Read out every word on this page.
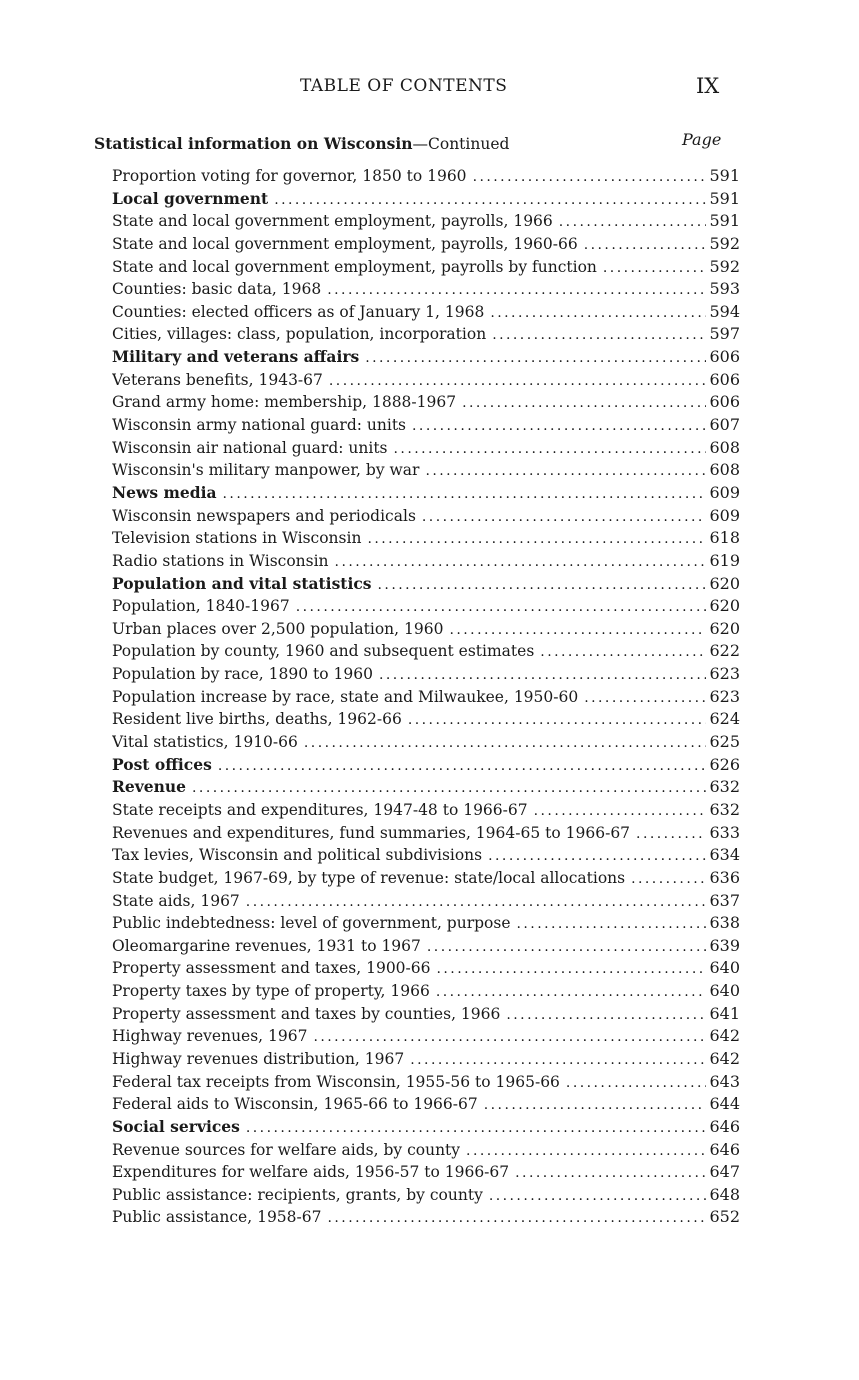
TABLE OF CONTENTS	IX
Statistical information on Wisconsin—Continued	Page
Proportion voting for governor, 1850 to 1960 . . .	591
Local government . . .	591
State and local government employment, payrolls, 1966 . . .	591
State and local government employment, payrolls, 1960-66 . . .	592
State and local government employment, payrolls by function . . .	592
Counties: basic data, 1968 . . .	593
Counties: elected officers as of January 1, 1968 . . .	594
Cities, villages: class, population, incorporation . . .	597
Military and veterans affairs . . .	606
Veterans benefits, 1943-67 . . .	606
Grand army home: membership, 1888-1967 . . .	606
Wisconsin army national guard: units . . .	607
Wisconsin air national guard: units . . .	608
Wisconsin's military manpower, by war . . .	608
News media . . .	609
Wisconsin newspapers and periodicals . . .	609
Television stations in Wisconsin . . .	618
Radio stations in Wisconsin . . .	619
Population and vital statistics . . .	620
Population, 1840-1967 . . .	620
Urban places over 2,500 population, 1960 . . .	620
Population by county, 1960 and subsequent estimates . . .	622
Population by race, 1890 to 1960 . . .	623
Population increase by race, state and Milwaukee, 1950-60 . . .	623
Resident live births, deaths, 1962-66 . . .	624
Vital statistics, 1910-66 . . .	625
Post offices . . .	626
Revenue . . .	632
State receipts and expenditures, 1947-48 to 1966-67 . . .	632
Revenues and expenditures, fund summaries, 1964-65 to 1966-67 . . .	633
Tax levies, Wisconsin and political subdivisions . . .	634
State budget, 1967-69, by type of revenue: state/local allocations . . .	636
State aids, 1967 . . .	637
Public indebtedness: level of government, purpose . . .	638
Oleomargarine revenues, 1931 to 1967 . . .	639
Property assessment and taxes, 1900-66 . . .	640
Property taxes by type of property, 1966 . . .	640
Property assessment and taxes by counties, 1966 . . .	641
Highway revenues, 1967 . . .	642
Highway revenues distribution, 1967 . . .	642
Federal tax receipts from Wisconsin, 1955-56 to 1965-66 . . .	643
Federal aids to Wisconsin, 1965-66 to 1966-67 . . .	644
Social services . . .	646
Revenue sources for welfare aids, by county . . .	646
Expenditures for welfare aids, 1956-57 to 1966-67 . . .	647
Public assistance: recipients, grants, by county . . .	648
Public assistance, 1958-67 . . .	652
